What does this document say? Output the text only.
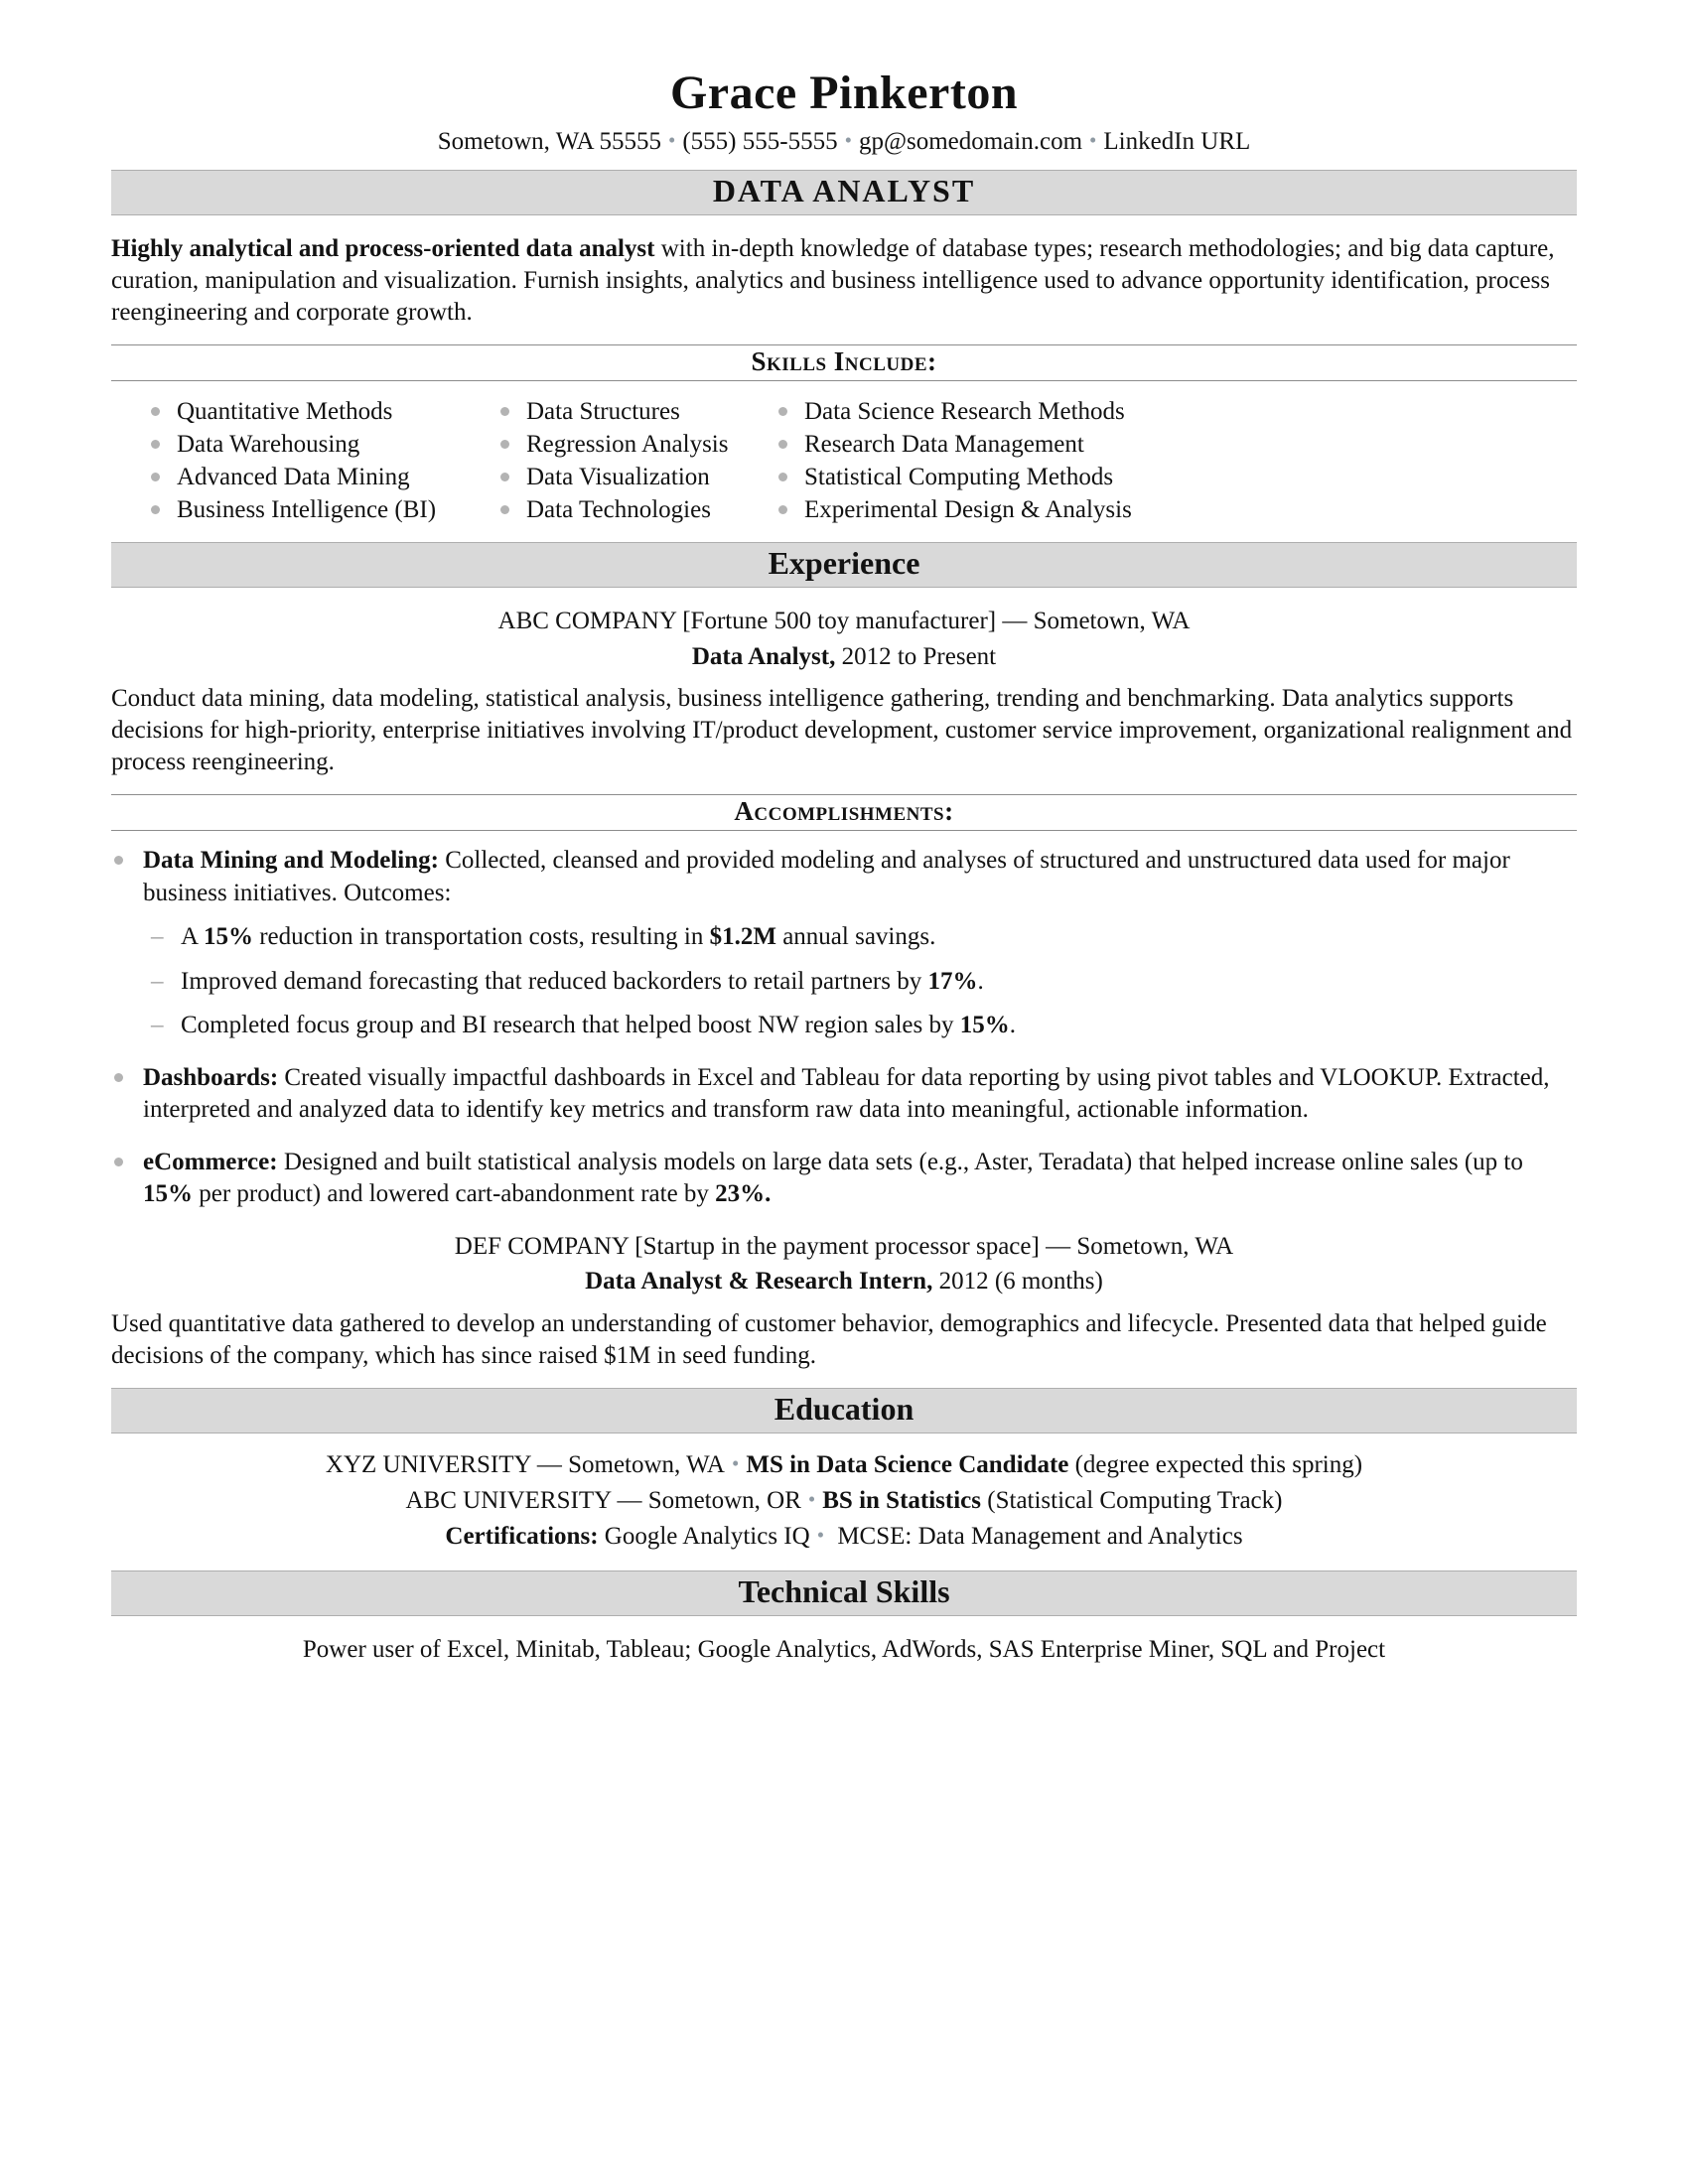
Grace Pinkerton
Sometown, WA 55555 • (555) 555-5555 • gp@somedomain.com • LinkedIn URL
DATA ANALYST

Highly analytical and process-oriented data analyst with in-depth knowledge of database types; research methodologies; and big data capture, curation, manipulation and visualization. Furnish insights, analytics and business intelligence used to advance opportunity identification, process reengineering and corporate growth.

Skills Include:
Quantitative Methods
Data Warehousing
Advanced Data Mining
Business Intelligence (BI)
Data Structures
Regression Analysis
Data Visualization
Data Technologies
Data Science Research Methods
Research Data Management
Statistical Computing Methods
Experimental Design & Analysis
Experience
ABC COMPANY [Fortune 500 toy manufacturer] — Sometown, WA
Data Analyst, 2012 to Present

Conduct data mining, data modeling, statistical analysis, business intelligence gathering, trending and benchmarking. Data analytics supports decisions for high-priority, enterprise initiatives involving IT/product development, customer service improvement, organizational realignment and process reengineering.

Accomplishments:
Data Mining and Modeling: Collected, cleansed and provided modeling and analyses of structured and unstructured data used for major business initiatives. Outcomes:
– A 15% reduction in transportation costs, resulting in $1.2M annual savings.
– Improved demand forecasting that reduced backorders to retail partners by 17%.
– Completed focus group and BI research that helped boost NW region sales by 15%.
Dashboards: Created visually impactful dashboards in Excel and Tableau for data reporting by using pivot tables and VLOOKUP. Extracted, interpreted and analyzed data to identify key metrics and transform raw data into meaningful, actionable information.
eCommerce: Designed and built statistical analysis models on large data sets (e.g., Aster, Teradata) that helped increase online sales (up to 15% per product) and lowered cart-abandonment rate by 23%.
DEF COMPANY [Startup in the payment processor space] — Sometown, WA
Data Analyst & Research Intern, 2012 (6 months)

Used quantitative data gathered to develop an understanding of customer behavior, demographics and lifecycle. Presented data that helped guide decisions of the company, which has since raised $1M in seed funding.

Education
XYZ UNIVERSITY — Sometown, WA • MS in Data Science Candidate (degree expected this spring)
ABC UNIVERSITY — Sometown, OR • BS in Statistics (Statistical Computing Track)
Certifications: Google Analytics IQ • MCSE: Data Management and Analytics
Technical Skills

Power user of Excel, Minitab, Tableau; Google Analytics, AdWords, SAS Enterprise Miner, SQL and Project
